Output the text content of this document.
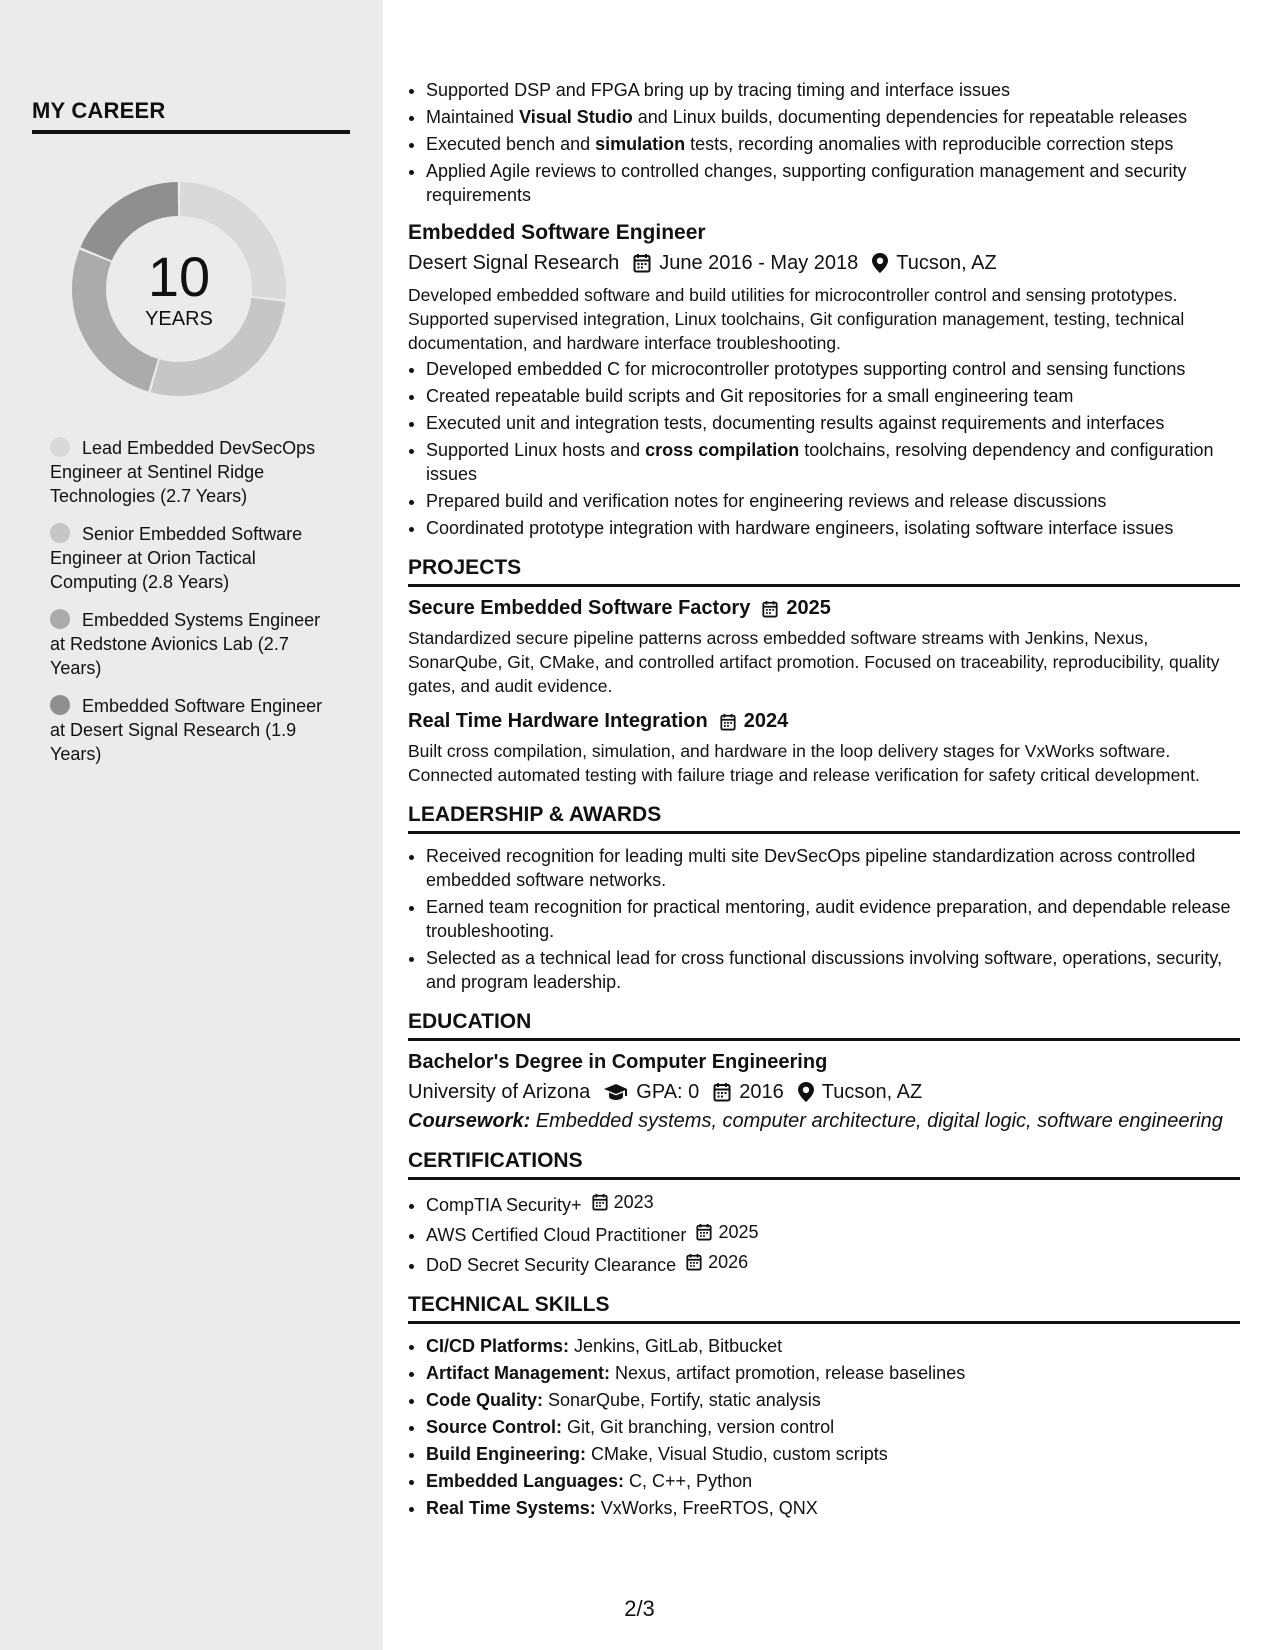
MY CAREER
10
YEARS
Lead Embedded DevSecOps Engineer at Sentinel Ridge Technologies (2.7 Years)
Senior Embedded Software Engineer at Orion Tactical Computing (2.8 Years)
Embedded Systems Engineer at Redstone Avionics Lab (2.7 Years)
Embedded Software Engineer at Desert Signal Research (1.9 Years)
• Supported DSP and FPGA bring up by tracing timing and interface issues
• Maintained Visual Studio and Linux builds, documenting dependencies for repeatable releases
• Executed bench and simulation tests, recording anomalies with reproducible correction steps
• Applied Agile reviews to controlled changes, supporting configuration management and security requirements
Embedded Software Engineer
Desert Signal Research June 2016 - May 2018 Tucson, AZ
Developed embedded software and build utilities for microcontroller control and sensing prototypes. Supported supervised integration, Linux toolchains, Git configuration management, testing, technical documentation, and hardware interface troubleshooting.
• Developed embedded C for microcontroller prototypes supporting control and sensing functions
• Created repeatable build scripts and Git repositories for a small engineering team
• Executed unit and integration tests, documenting results against requirements and interfaces
• Supported Linux hosts and cross compilation toolchains, resolving dependency and configuration issues
• Prepared build and verification notes for engineering reviews and release discussions
• Coordinated prototype integration with hardware engineers, isolating software interface issues
PROJECTS
Secure Embedded Software Factory 2025
Standardized secure pipeline patterns across embedded software streams with Jenkins, Nexus, SonarQube, Git, CMake, and controlled artifact promotion. Focused on traceability, reproducibility, quality gates, and audit evidence.
Real Time Hardware Integration 2024
Built cross compilation, simulation, and hardware in the loop delivery stages for VxWorks software. Connected automated testing with failure triage and release verification for safety critical development.
LEADERSHIP & AWARDS
• Received recognition for leading multi site DevSecOps pipeline standardization across controlled embedded software networks.
• Earned team recognition for practical mentoring, audit evidence preparation, and dependable release troubleshooting.
• Selected as a technical lead for cross functional discussions involving software, operations, security, and program leadership.
EDUCATION
Bachelor's Degree in Computer Engineering
University of Arizona GPA: 0 2016 Tucson, AZ
Coursework: Embedded systems, computer architecture, digital logic, software engineering
CERTIFICATIONS
• CompTIA Security+ 2023
• AWS Certified Cloud Practitioner 2025
• DoD Secret Security Clearance 2026
TECHNICAL SKILLS
• CI/CD Platforms: Jenkins, GitLab, Bitbucket
• Artifact Management: Nexus, artifact promotion, release baselines
• Code Quality: SonarQube, Fortify, static analysis
• Source Control: Git, Git branching, version control
• Build Engineering: CMake, Visual Studio, custom scripts
• Embedded Languages: C, C++, Python
• Real Time Systems: VxWorks, FreeRTOS, QNX
2/3
